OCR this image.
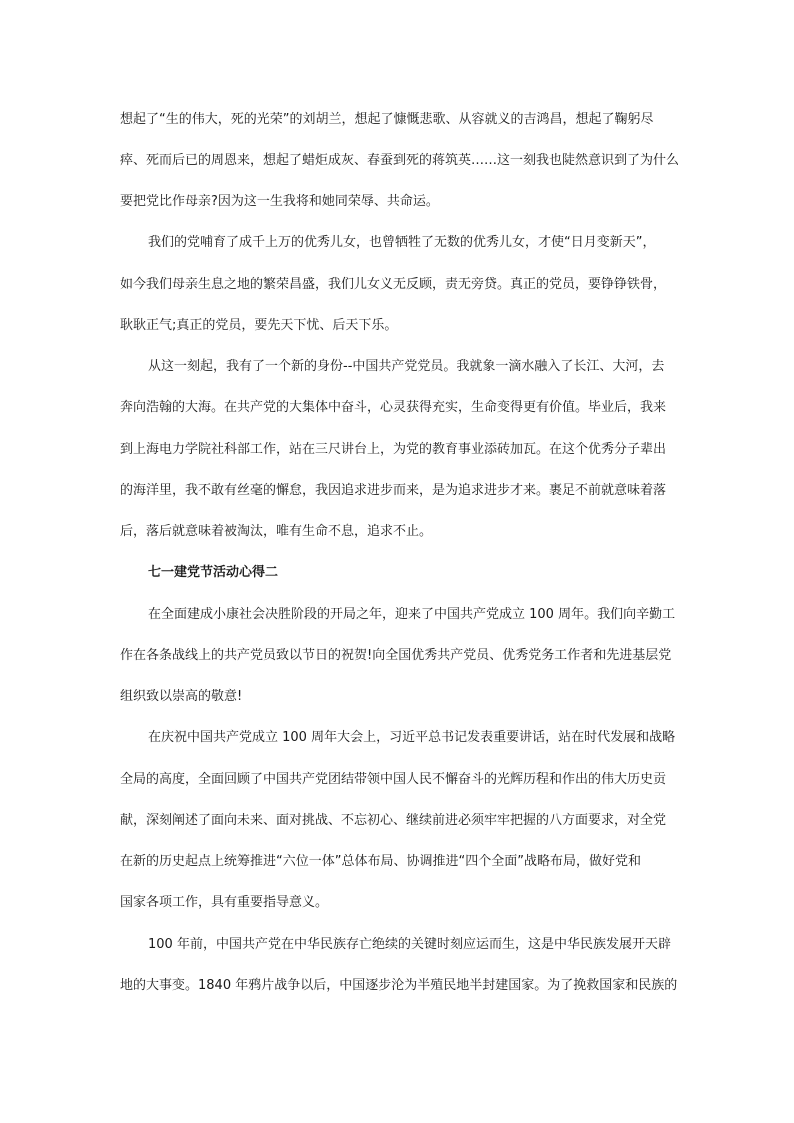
想起了“生的伟大，死的光荣”的刘胡兰，想起了慷慨悲歌、从容就义的吉鸿昌，想起了鞠躬尽
瘁、死而后已的周恩来，想起了蜡炬成灰、春蚕到死的蒋筑英……这一刻我也陡然意识到了为什么
要把党比作母亲?因为这一生我将和她同荣辱、共命运。
我们的党哺育了成千上万的优秀儿女，也曾牺牲了无数的优秀儿女，才使“日月变新天”，
如今我们母亲生息之地的繁荣昌盛，我们儿女义无反顾，责无旁贷。真正的党员，要铮铮铁骨，
耿耿正气;真正的党员，要先天下忧、后天下乐。
从这一刻起，我有了一个新的身份--中国共产党党员。我就象一滴水融入了长江、大河，去
奔向浩翰的大海。在共产党的大集体中奋斗，心灵获得充实，生命变得更有价值。毕业后，我来
到上海电力学院社科部工作，站在三尺讲台上，为党的教育事业添砖加瓦。在这个优秀分子辈出
的海洋里，我不敢有丝毫的懈怠，我因追求进步而来，是为追求进步才来。裹足不前就意味着落
后，落后就意味着被淘汰，唯有生命不息，追求不止。
七一建党节活动心得二
在全面建成小康社会决胜阶段的开局之年，迎来了中国共产党成立 100 周年。我们向辛勤工
作在各条战线上的共产党员致以节日的祝贺!向全国优秀共产党员、优秀党务工作者和先进基层党
组织致以崇高的敬意!
在庆祝中国共产党成立 100 周年大会上，习近平总书记发表重要讲话，站在时代发展和战略
全局的高度，全面回顾了中国共产党团结带领中国人民不懈奋斗的光辉历程和作出的伟大历史贡
献，深刻阐述了面向未来、面对挑战、不忘初心、继续前进必须牢牢把握的八方面要求，对全党
在新的历史起点上统筹推进“六位一体”总体布局、协调推进“四个全面”战略布局，做好党和
国家各项工作，具有重要指导意义。
100 年前，中国共产党在中华民族存亡绝续的关键时刻应运而生，这是中华民族发展开天辟
地的大事变。1840 年鸦片战争以后，中国逐步沦为半殖民地半封建国家。为了挽救国家和民族的
